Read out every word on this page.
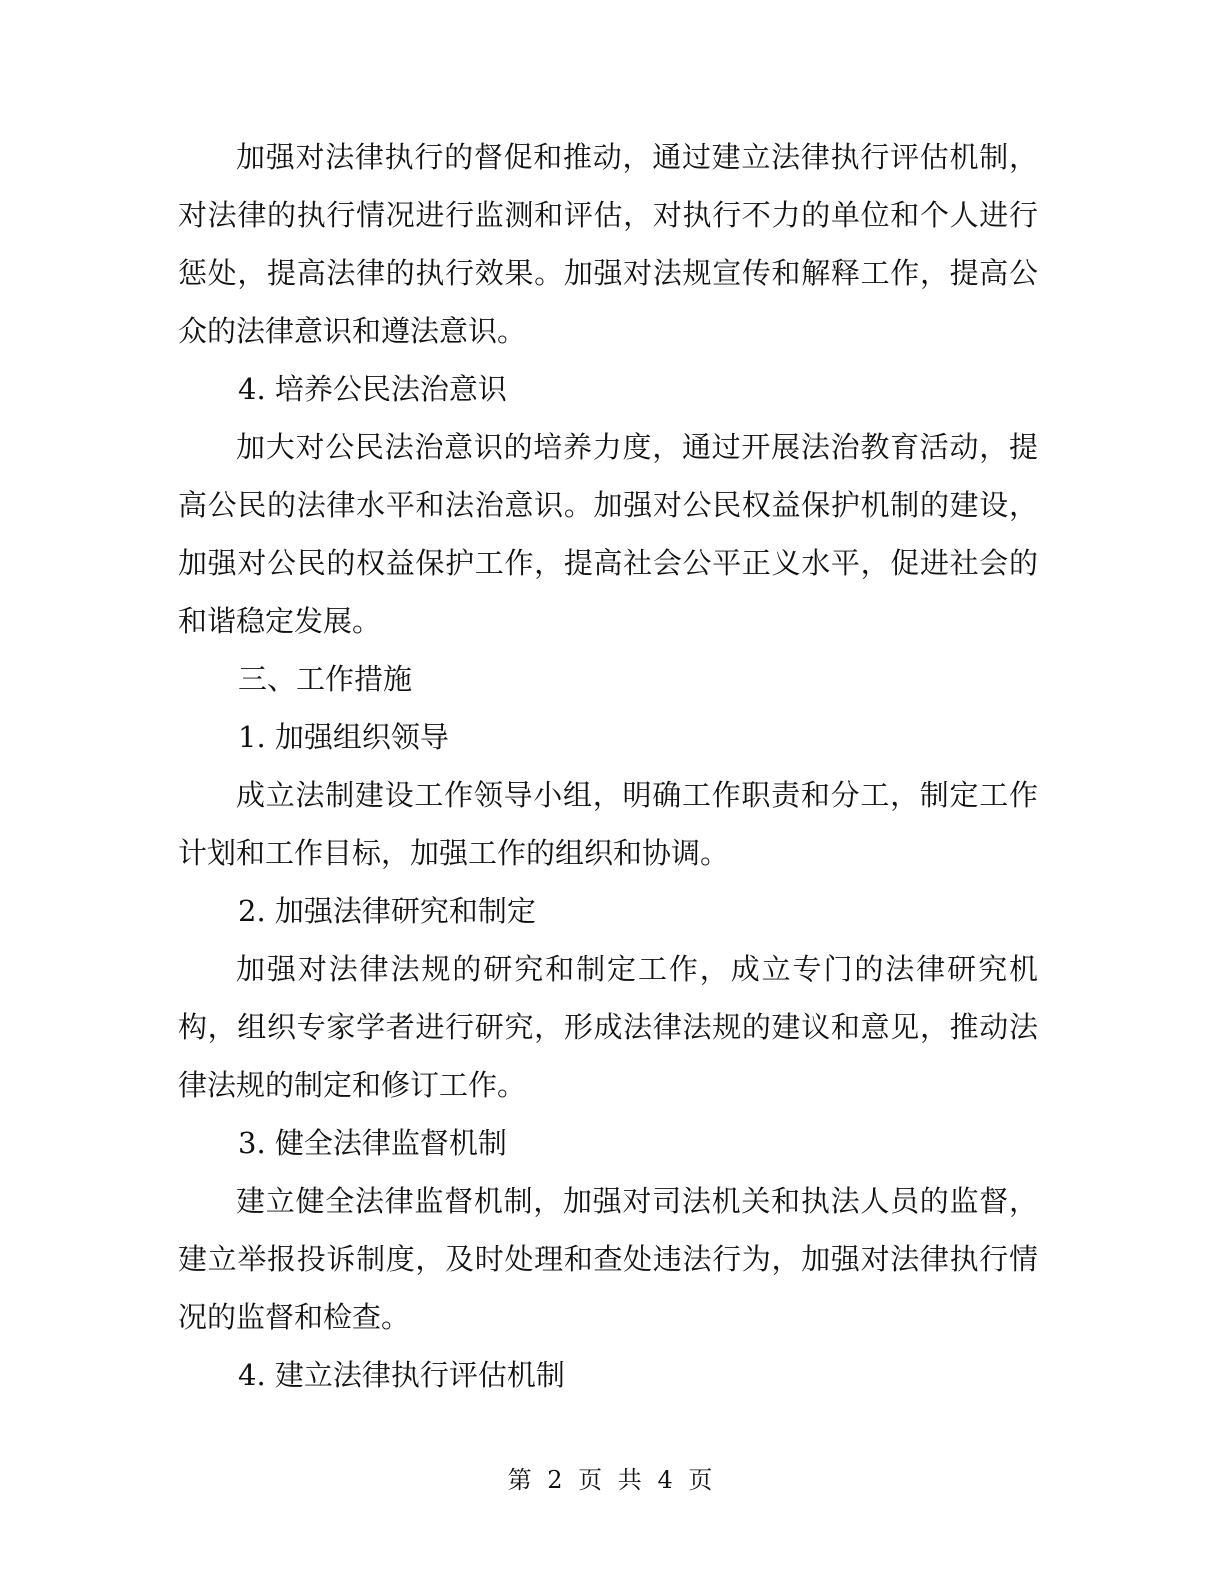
加强对法律执行的督促和推动，通过建立法律执行评估机制，对法律的执行情况进行监测和评估，对执行不力的单位和个人进行惩处，提高法律的执行效果。加强对法规宣传和解释工作，提高公众的法律意识和遵法意识。

4. 培养公民法治意识

加大对公民法治意识的培养力度，通过开展法治教育活动，提高公民的法律水平和法治意识。加强对公民权益保护机制的建设，加强对公民的权益保护工作，提高社会公平正义水平，促进社会的和谐稳定发展。

三、工作措施

1. 加强组织领导

成立法制建设工作领导小组，明确工作职责和分工，制定工作计划和工作目标，加强工作的组织和协调。

2. 加强法律研究和制定

加强对法律法规的研究和制定工作，成立专门的法律研究机构，组织专家学者进行研究，形成法律法规的建议和意见，推动法律法规的制定和修订工作。

3. 健全法律监督机制

建立健全法律监督机制，加强对司法机关和执法人员的监督，建立举报投诉制度，及时处理和查处违法行为，加强对法律执行情况的监督和检查。

4. 建立法律执行评估机制

第 2 页 共 4 页
